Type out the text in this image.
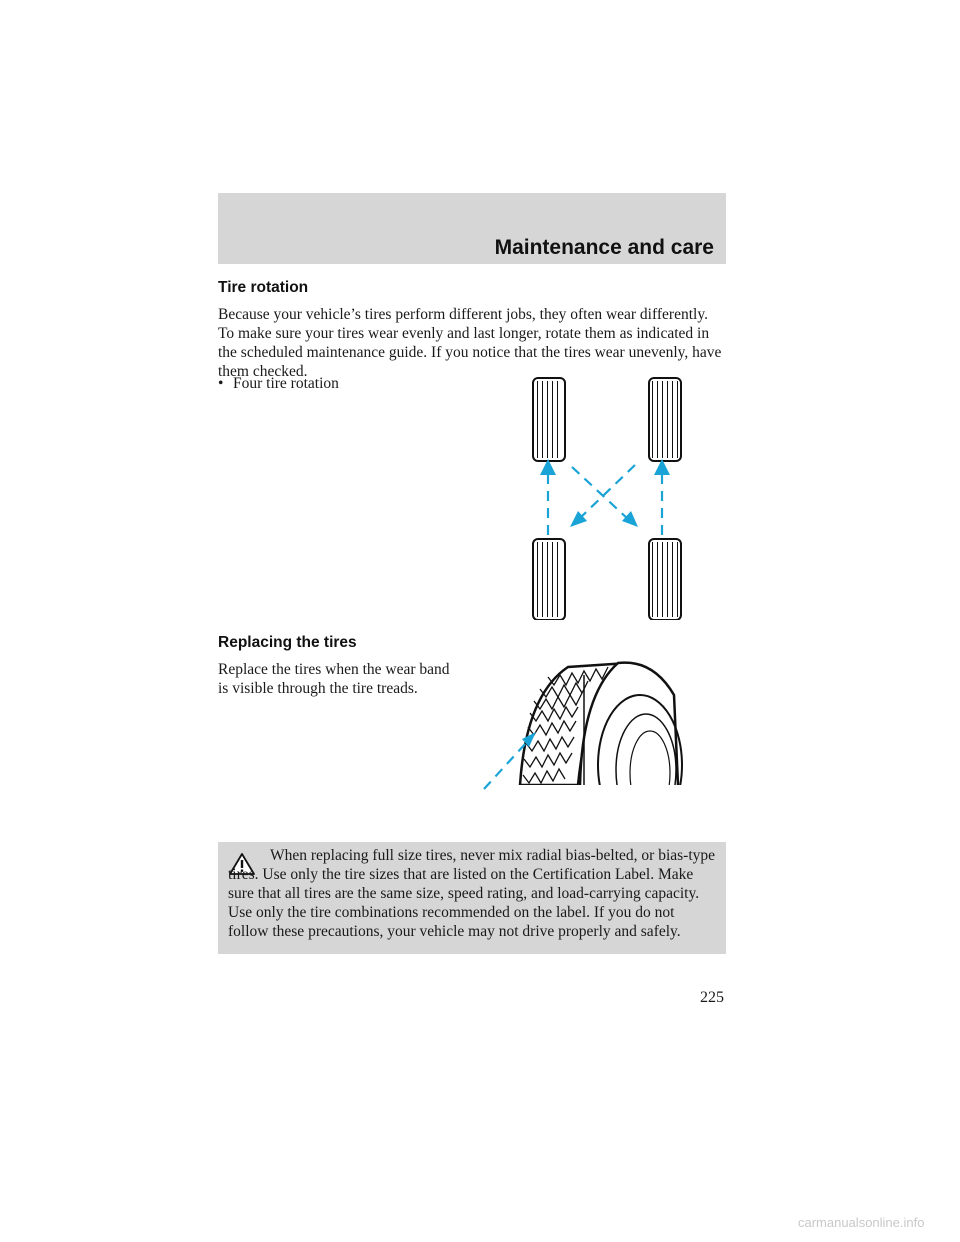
Maintenance and care
Tire rotation
Because your vehicle’s tires perform different jobs, they often wear differently. To make sure your tires wear evenly and last longer, rotate them as indicated in the scheduled maintenance guide. If you notice that the tires wear unevenly, have them checked.
• Four tire rotation
Replacing the tires
Replace the tires when the wear band is visible through the tire treads.
When replacing full size tires, never mix radial bias-belted, or bias-type tires. Use only the tire sizes that are listed on the Certification Label. Make sure that all tires are the same size, speed rating, and load-carrying capacity. Use only the tire combinations recommended on the label. If you do not follow these precautions, your vehicle may not drive properly and safely.
225
carmanualsonline.info
